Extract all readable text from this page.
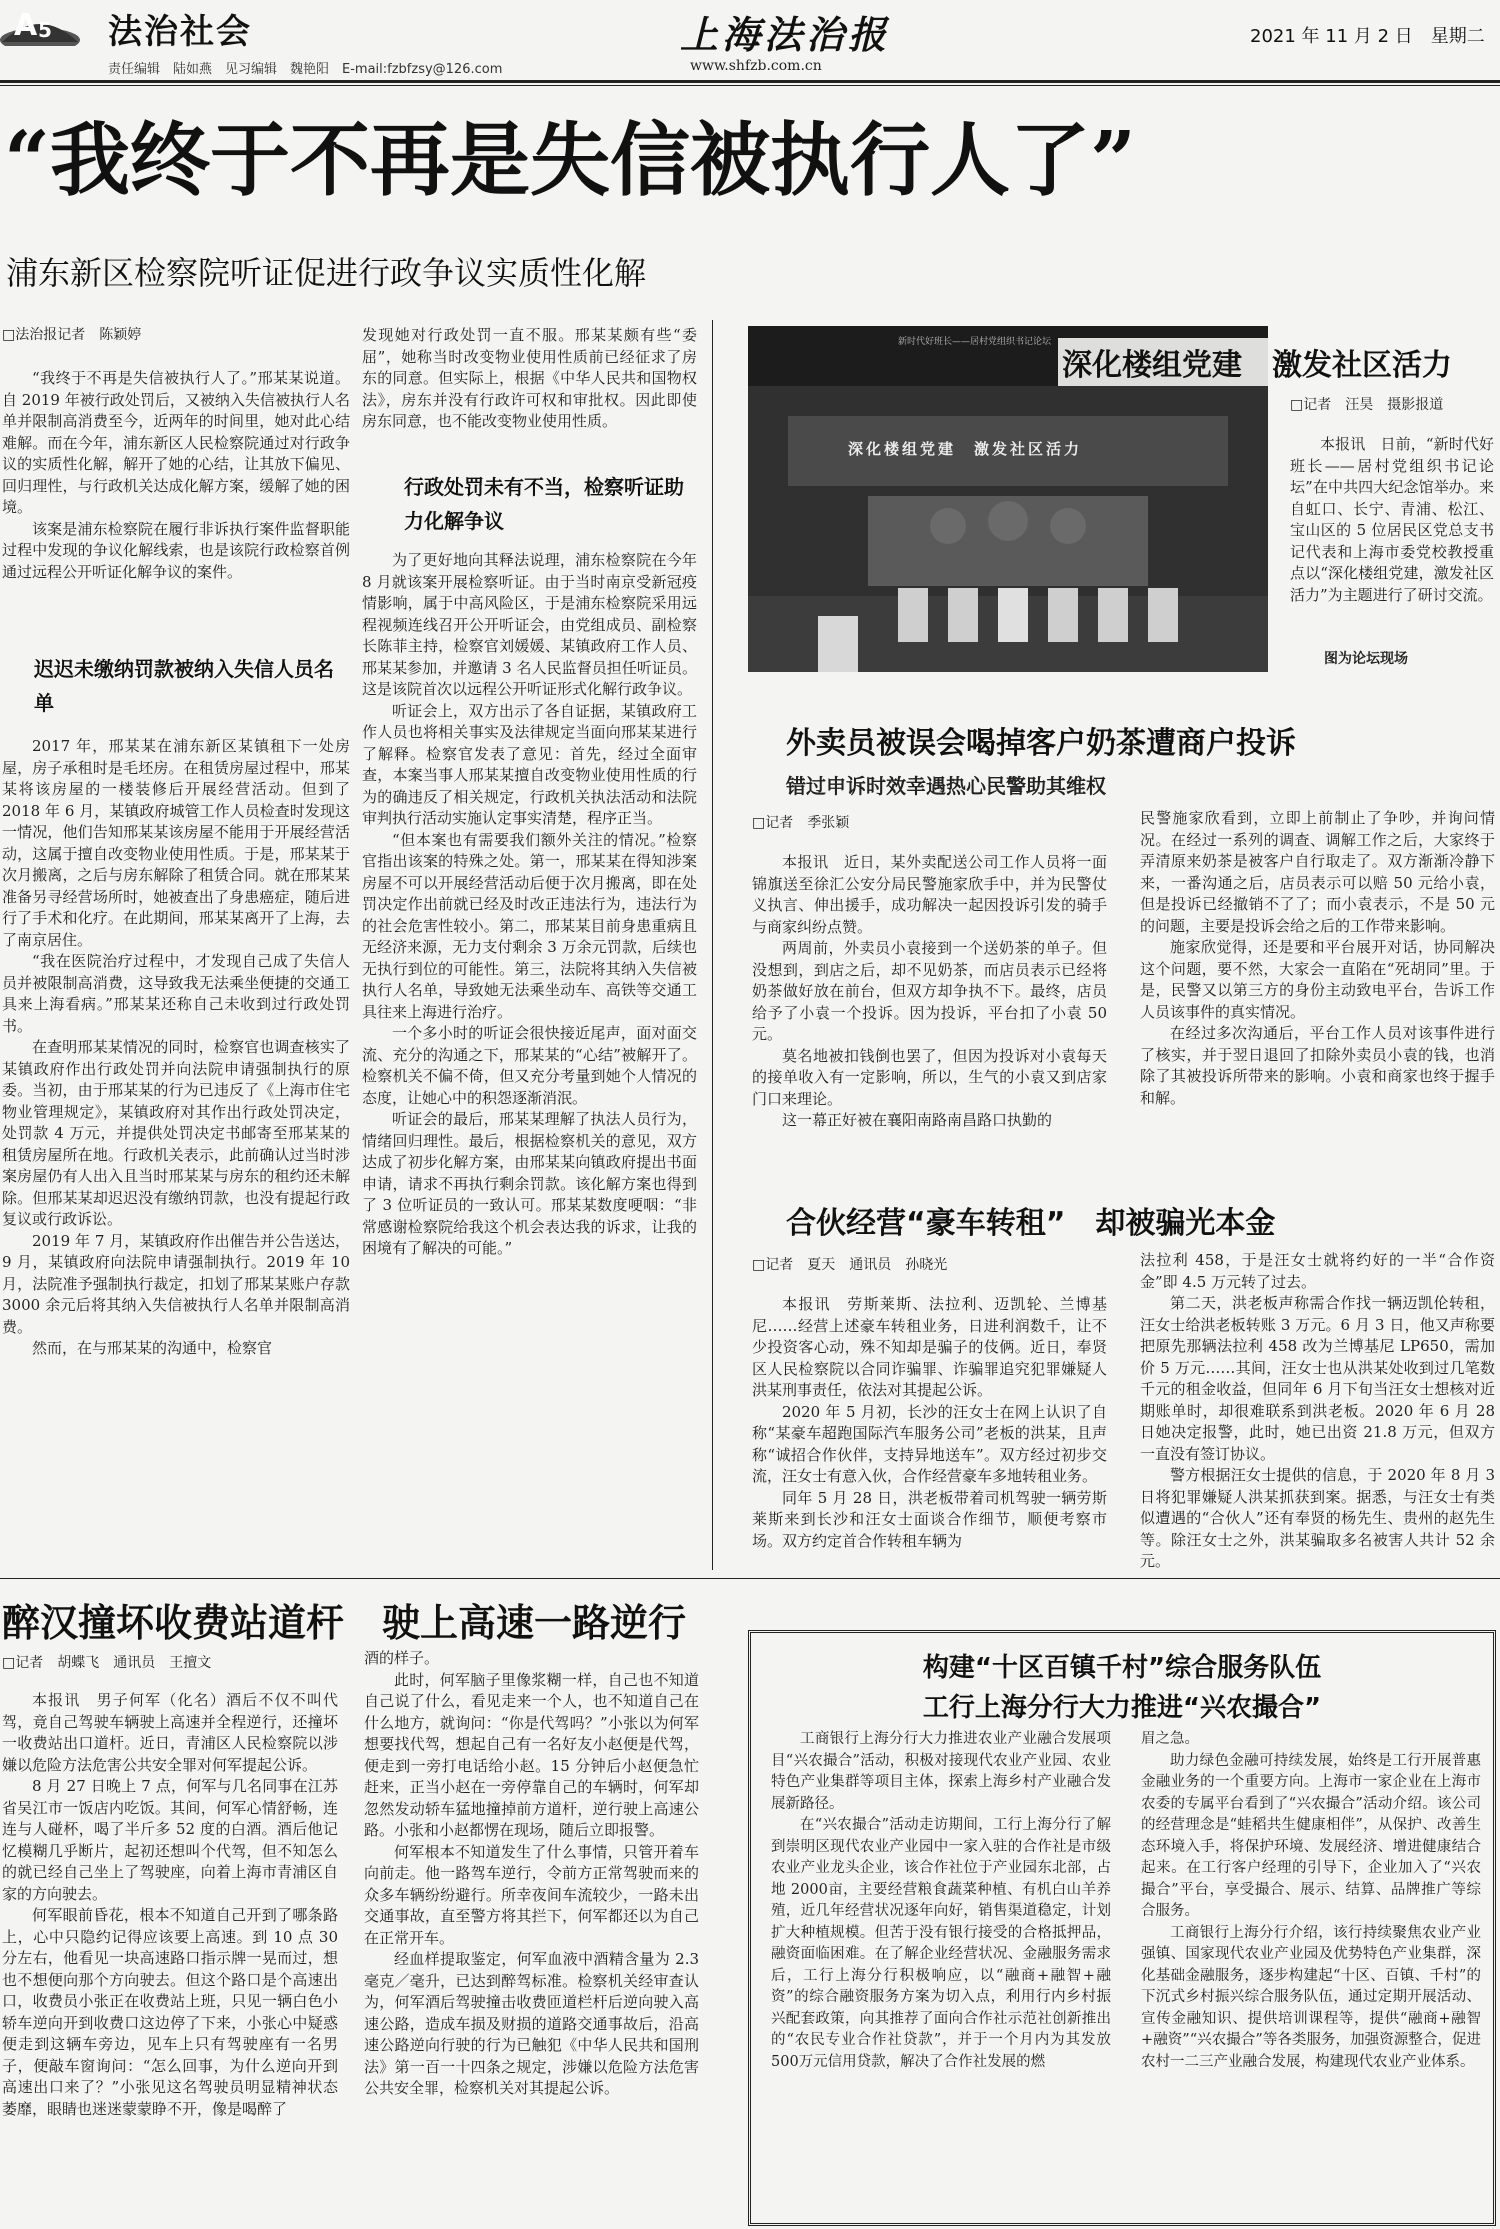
A 5 法治社会
责任编辑　陆如燕　见习编辑　魏艳阳　E-mail:fzbfzsy@126.com
上海法治报
www.shfzb.com.cn
2021 年 11 月 2 日　星期二
“我终于不再是失信被执行人了”
浦东新区检察院听证促进行政争议实质性化解
□法治报记者　陈颖婷

“我终于不再是失信被执行人了。”邢某某说道。自 2019 年被行政处罚后，又被纳入失信被执行人名单并限制高消费至今，近两年的时间里，她对此心结难解。而在今年，浦东新区人民检察院通过对行政争议的实质性化解，解开了她的心结，让其放下偏见、回归理性，与行政机关达成化解方案，缓解了她的困境。

该案是浦东检察院在履行非诉执行案件监督职能过程中发现的争议化解线索，也是该院行政检察首例通过远程公开听证化解争议的案件。

迟迟未缴纳罚款被纳入失信人员名单

2017 年，邢某某在浦东新区某镇租下一处房屋，房子承租时是毛坯房。在租赁房屋过程中，邢某某将该房屋的一楼装修后开展经营活动。但到了 2018 年 6 月，某镇政府城管工作人员检查时发现这一情况，他们告知邢某某该房屋不能用于开展经营活动，这属于擅自改变物业使用性质。于是，邢某某于次月搬离，之后与房东解除了租赁合同。就在邢某某准备另寻经营场所时，她被查出了身患癌症，随后进行了手术和化疗。在此期间，邢某某离开了上海，去了南京居住。

“我在医院治疗过程中，才发现自己成了失信人员并被限制高消费，这导致我无法乘坐便捷的交通工具来上海看病。”邢某某还称自己未收到过行政处罚书。

在查明邢某某情况的同时，检察官也调查核实了某镇政府作出行政处罚并向法院申请强制执行的原委。当初，由于邢某某的行为已违反了《上海市住宅物业管理规定》，某镇政府对其作出行政处罚决定，处罚款 4 万元，并提供处罚决定书邮寄至邢某某的租赁房屋所在地。行政机关表示，此前确认过当时涉案房屋仍有人出入且当时邢某某与房东的租约还未解除。但邢某某却迟迟没有缴纳罚款，也没有提起行政复议或行政诉讼。

2019 年 7 月，某镇政府作出催告并公告送达，9 月，某镇政府向法院申请强制执行。2019 年 10 月，法院准予强制执行裁定，扣划了邢某某账户存款 3000 余元后将其纳入失信被执行人名单并限制高消费。

然而，在与邢某某的沟通中，检察官

发现她对行政处罚一直不服。邢某某颇有些“委屈”，她称当时改变物业使用性质前已经征求了房东的同意。但实际上，根据《中华人民共和国物权法》，房东并没有行政许可权和审批权。因此即使房东同意，也不能改变物业使用性质。

行政处罚未有不当，检察听证助力化解争议

为了更好地向其释法说理，浦东检察院在今年 8 月就该案开展检察听证。由于当时南京受新冠疫情影响，属于中高风险区，于是浦东检察院采用远程视频连线召开公开听证会，由党组成员、副检察长陈菲主持，检察官刘媛媛、某镇政府工作人员、邢某某参加，并邀请 3 名人民监督员担任听证员。这是该院首次以远程公开听证形式化解行政争议。

听证会上，双方出示了各自证据，某镇政府工作人员也将相关事实及法律规定当面向邢某某进行了解释。检察官发表了意见：首先，经过全面审查，本案当事人邢某某擅自改变物业使用性质的行为的确违反了相关规定，行政机关执法活动和法院审判执行活动实施认定事实清楚，程序正当。

“但本案也有需要我们额外关注的情况。”检察官指出该案的特殊之处。第一，邢某某在得知涉案房屋不可以开展经营活动后便于次月搬离，即在处罚决定作出前就已经及时改正违法行为，违法行为的社会危害性较小。第二，邢某某目前身患重病且无经济来源，无力支付剩余 3 万余元罚款，后续也无执行到位的可能性。第三，法院将其纳入失信被执行人名单，导致她无法乘坐动车、高铁等交通工具往来上海进行治疗。

一个多小时的听证会很快接近尾声，面对面交流、充分的沟通之下，邢某某的“心结”被解开了。检察机关不偏不倚，但又充分考量到她个人情况的态度，让她心中的积怨逐渐消泯。

听证会的最后，邢某某理解了执法人员行为，情绪回归理性。最后，根据检察机关的意见，双方达成了初步化解方案，由邢某某向镇政府提出书面申请，请求不再执行剩余罚款。该化解方案也得到了 3 位听证员的一致认可。邢某某数度哽咽：“非常感谢检察院给我这个机会表达我的诉求，让我的困境有了解决的可能。”

新时代好班长——居村党组织书记论坛
深化楼组党建　激发社区活力
深化楼组党建　激发社区活力
□记者　汪昊　摄影报道

本报讯　日前，“新时代好班长——居村党组织书记论坛”在中共四大纪念馆举办。来自虹口、长宁、青浦、松江、宝山区的 5 位居民区党总支书记代表和上海市委党校教授重点以“深化楼组党建，激发社区活力”为主题进行了研讨交流。

图为论坛现场
外卖员被误会喝掉客户奶茶遭商户投诉
错过申诉时效幸遇热心民警助其维权
□记者　季张颖

本报讯　近日，某外卖配送公司工作人员将一面锦旗送至徐汇公安分局民警施家欣手中，并为民警仗义执言、伸出援手，成功解决一起因投诉引发的骑手与商家纠纷点赞。

两周前，外卖员小袁接到一个送奶茶的单子。但没想到，到店之后，却不见奶茶，而店员表示已经将奶茶做好放在前台，但双方却争执不下。最终，店员给予了小袁一个投诉。因为投诉，平台扣了小袁 50 元。

莫名地被扣钱倒也罢了，但因为投诉对小袁每天的接单收入有一定影响，所以，生气的小袁又到店家门口来理论。

这一幕正好被在襄阳南路南昌路口执勤的

民警施家欣看到，立即上前制止了争吵，并询问情况。在经过一系列的调查、调解工作之后，大家终于弄清原来奶茶是被客户自行取走了。双方渐渐冷静下来，一番沟通之后，店员表示可以赔 50 元给小袁，但是投诉已经撤销不了了；而小袁表示，不是 50 元的问题，主要是投诉会给之后的工作带来影响。

施家欣觉得，还是要和平台展开对话，协同解决这个问题，要不然，大家会一直陷在“死胡同”里。于是，民警又以第三方的身份主动致电平台，告诉工作人员该事件的真实情况。

在经过多次沟通后，平台工作人员对该事件进行了核实，并于翌日退回了扣除外卖员小袁的钱，也消除了其被投诉所带来的影响。小袁和商家也终于握手和解。

合伙经营“豪车转租”　却被骗光本金
□记者　夏天　通讯员　孙晓光

本报讯　劳斯莱斯、法拉利、迈凯轮、兰博基尼……经营上述豪车转租业务，日进利润数千，让不少投资客心动，殊不知却是骗子的伎俩。近日，奉贤区人民检察院以合同诈骗罪、诈骗罪追究犯罪嫌疑人洪某刑事责任，依法对其提起公诉。

2020 年 5 月初，长沙的汪女士在网上认识了自称“某豪车超跑国际汽车服务公司”老板的洪某，且声称“诚招合作伙伴，支持异地送车”。双方经过初步交流，汪女士有意入伙，合作经营豪车多地转租业务。

同年 5 月 28 日，洪老板带着司机驾驶一辆劳斯莱斯来到长沙和汪女士面谈合作细节，顺便考察市场。双方约定首合作转租车辆为

法拉利 458，于是汪女士就将约好的一半“合作资金”即 4.5 万元转了过去。

第二天，洪老板声称需合作找一辆迈凯伦转租，汪女士给洪老板转账 3 万元。6 月 3 日，他又声称要把原先那辆法拉利 458 改为兰博基尼 LP650，需加价 5 万元……其间，汪女士也从洪某处收到过几笔数千元的租金收益，但同年 6 月下旬当汪女士想核对近期账单时，却很难联系到洪老板。2020 年 6 月 28 日她决定报警，此时，她已出资 21.8 万元，但双方一直没有签订协议。

警方根据汪女士提供的信息，于 2020 年 8 月 3 日将犯罪嫌疑人洪某抓获到案。据悉，与汪女士有类似遭遇的“合伙人”还有奉贤的杨先生、贵州的赵先生等。除汪女士之外，洪某骗取多名被害人共计 52 余元。

醉汉撞坏收费站道杆　驶上高速一路逆行
□记者　胡蝶飞　通讯员　王擅文

本报讯　男子何军（化名）酒后不仅不叫代驾，竟自己驾驶车辆驶上高速并全程逆行，还撞坏一收费站出口道杆。近日，青浦区人民检察院以涉嫌以危险方法危害公共安全罪对何军提起公诉。

8 月 27 日晚上 7 点，何军与几名同事在江苏省吴江市一饭店内吃饭。其间，何军心情舒畅，连连与人碰杯，喝了半斤多 52 度的白酒。酒后他记忆模糊几乎断片，起初还想叫个代驾，但不知怎么的就已经自己坐上了驾驶座，向着上海市青浦区自家的方向驶去。

何军眼前昏花，根本不知道自己开到了哪条路上，心中只隐约记得应该要上高速。到 10 点 30 分左右，他看见一块高速路口指示牌一晃而过，想也不想便向那个方向驶去。但这个路口是个高速出口，收费员小张正在收费站上班，只见一辆白色小轿车逆向开到收费口这边停了下来，小张心中疑惑便走到这辆车旁边，见车上只有驾驶座有一名男子，便敲车窗询问：“怎么回事，为什么逆向开到高速出口来了？”小张见这名驾驶员明显精神状态萎靡，眼睛也迷迷蒙蒙睁不开，像是喝醉了

酒的样子。

此时，何军脑子里像浆糊一样，自己也不知道自己说了什么，看见走来一个人，也不知道自己在什么地方，就询问：“你是代驾吗？”小张以为何军想要找代驾，想起自己有一名好友小赵便是代驾，便走到一旁打电话给小赵。15 分钟后小赵便急忙赶来，正当小赵在一旁停靠自己的车辆时，何军却忽然发动轿车猛地撞掉前方道杆，逆行驶上高速公路。小张和小赵都愣在现场，随后立即报警。

何军根本不知道发生了什么事情，只管开着车向前走。他一路驾车逆行，令前方正常驾驶而来的众多车辆纷纷避行。所幸夜间车流较少，一路未出交通事故，直至警方将其拦下，何军都还以为自己在正常开车。

经血样提取鉴定，何军血液中酒精含量为 2.3 毫克／毫升，已达到醉驾标准。检察机关经审查认为，何军酒后驾驶撞击收费匝道栏杆后逆向驶入高速公路，造成车损及财损的道路交通事故后，沿高速公路逆向行驶的行为已触犯《中华人民共和国刑法》第一百一十四条之规定，涉嫌以危险方法危害公共安全罪，检察机关对其提起公诉。

构建“十区百镇千村”综合服务队伍
工行上海分行大力推进“兴农撮合”

工商银行上海分行大力推进农业产业融合发展项目“兴农撮合”活动，积极对接现代农业产业园、农业特色产业集群等项目主体，探索上海乡村产业融合发展新路径。

在“兴农撮合”活动走访期间，工行上海分行了解到崇明区现代农业产业园中一家入驻的合作社是市级农业产业龙头企业，该合作社位于产业园东北部，占地 2000亩，主要经营粮食蔬菜种植、有机白山羊养殖，近几年经营状况逐年向好，销售渠道稳定，计划扩大种植规模。但苦于没有银行接受的合格抵押品，融资面临困难。在了解企业经营状况、金融服务需求后，工行上海分行积极响应，以“融商+融智+融资”的综合融资服务方案为切入点，利用行内乡村振兴配套政策，向其推荐了面向合作社示范社创新推出的“农民专业合作社贷款”，并于一个月内为其发放 500万元信用贷款，解决了合作社发展的燃

眉之急。

助力绿色金融可持续发展，始终是工行开展普惠金融业务的一个重要方向。上海市一家企业在上海市农委的专属平台看到了“兴农撮合”活动介绍。该公司的经营理念是“蛙稻共生健康相伴”，从保护、改善生态环境入手，将保护环境、发展经济、增进健康结合起来。在工行客户经理的引导下，企业加入了“兴农撮合”平台，享受撮合、展示、结算、品牌推广等综合服务。

工商银行上海分行介绍，该行持续聚焦农业产业强镇、国家现代农业产业园及优势特色产业集群，深化基础金融服务，逐步构建起“十区、百镇、千村”的下沉式乡村振兴综合服务队伍，通过定期开展活动、宣传金融知识、提供培训课程等，提供“融商+融智+融资”“兴农撮合”等各类服务，加强资源整合，促进农村一二三产业融合发展，构建现代农业产业体系。
